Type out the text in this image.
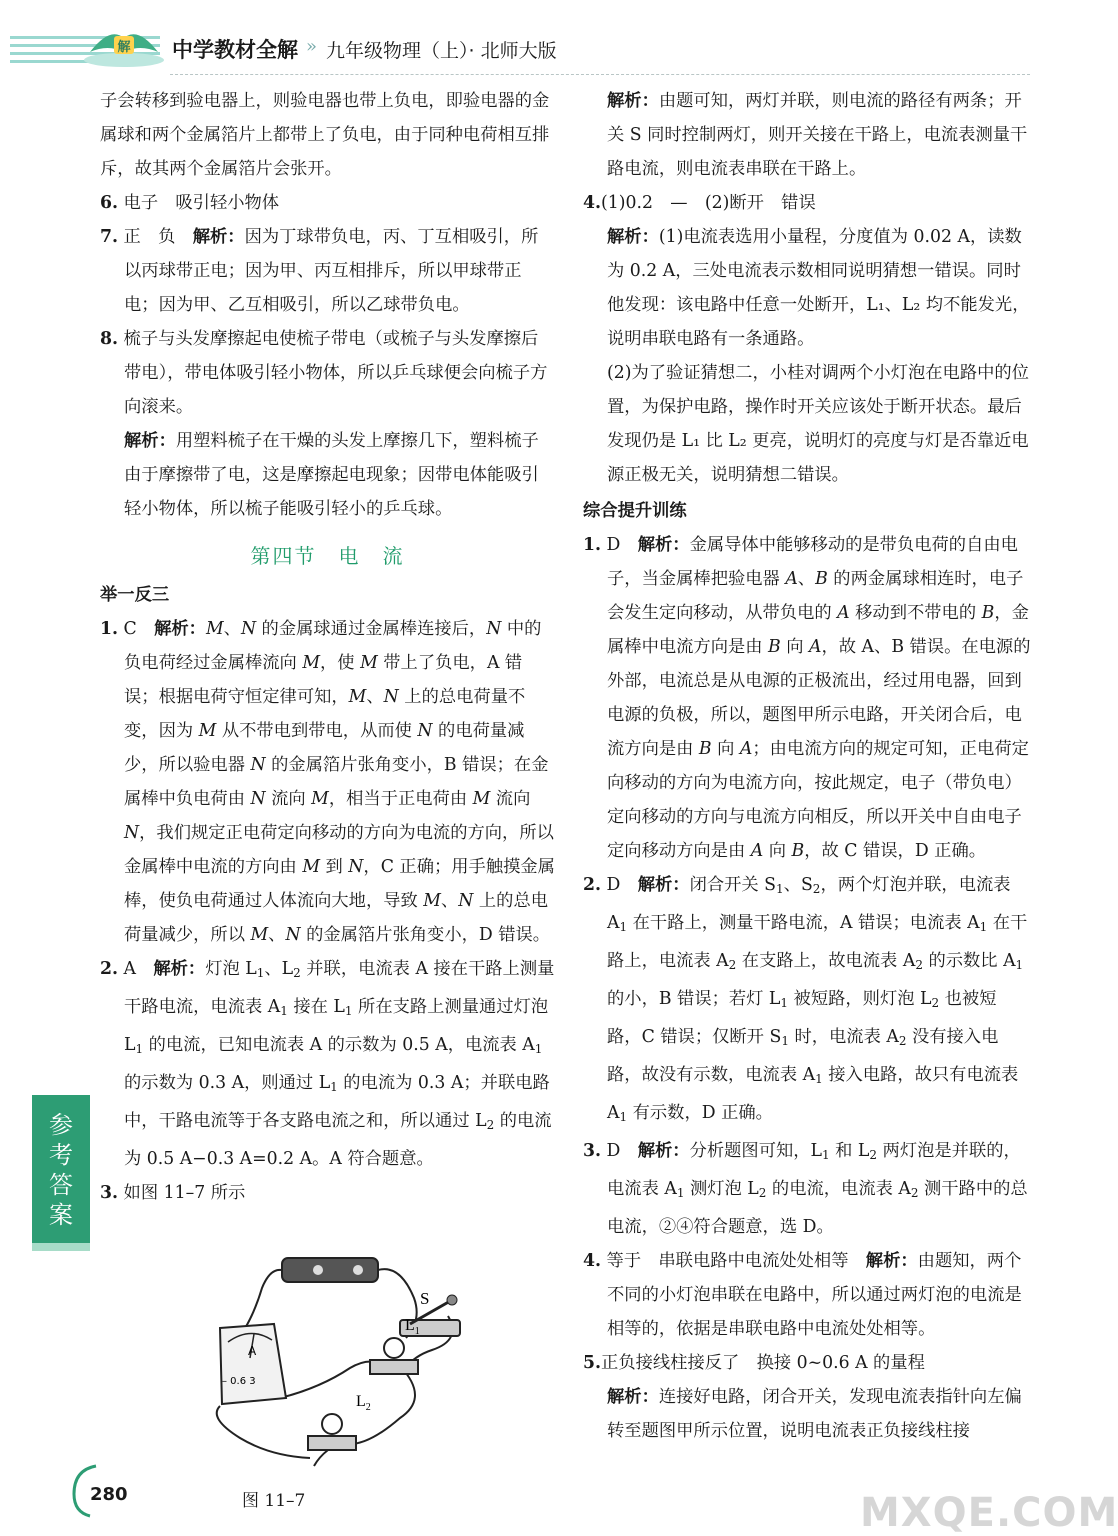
解 中学教材全解 » 九年级物理（上）· 北师大版

子会转移到验电器上，则验电器也带上负电，即验电器的金属球和两个金属箔片上都带上了负电，由于同种电荷相互排斥，故其两个金属箔片会张开。

6. 电子　吸引轻小物体

7. 正　负　 解析：因为丁球带负电，丙、丁互相吸引，所以丙球带正电；因为甲、丙互相排斥，所以甲球带正电；因为甲、乙互相吸引，所以乙球带负电。

8. 梳子与头发摩擦起电使梳子带电（或梳子与头发摩擦后带电），带电体吸引轻小物体，所以乒乓球便会向梳子方向滚来。

解析：用塑料梳子在干燥的头发上摩擦几下，塑料梳子由于摩擦带了电，这是摩擦起电现象；因带电体能吸引轻小物体，所以梳子能吸引轻小的乒乓球。

第四节　电　流

举一反三

1. C　 解析：M、N 的金属球通过金属棒连接后，N 中的负电荷经过金属棒流向 M，使 M 带上了负电，A 错误；根据电荷守恒定律可知，M、N 上的总电荷量不变，因为 M 从不带电到带电，从而使 N 的电荷量减少，所以验电器 N 的金属箔片张角变小，B 错误；在金属棒中负电荷由 N 流向 M，相当于正电荷由 M 流向 N，我们规定正电荷定向移动的方向为电流的方向，所以金属棒中电流的方向由 M 到 N，C 正确；用手触摸金属棒，使负电荷通过人体流向大地，导致 M、N 上的总电荷量减少，所以 M、N 的金属箔片张角变小，D 错误。

2. A　 解析：灯泡 $L_1$、$L_2$ 并联，电流表 A 接在干路上测量干路电流，电流表 $A_1$ 接在 $L_1$ 所在支路上测量通过灯泡 $L_1$ 的电流，已知电流表 A 的示数为 0.5 A，电流表 $A_1$ 的示数为 0.3 A，则通过 $L_1$ 的电流为 0.3 A；并联电路中，干路电流等于各支路电流之和，所以通过 $L_2$ 的电流为 0.5 A−0.3 A=0.2 A。A 符合题意。

3. 如图 11–7 所示

S
A
– 0.6 3
$L_1$
$L_2$
图 11–7

解析：由题可知，两灯并联，则电流的路径有两条；开关 S 同时控制两灯，则开关接在干路上，电流表测量干路电流，则电流表串联在干路上。

4.(1)0.2　—　(2)断开　错误

解析：(1)电流表选用小量程，分度值为 0.02 A，读数为 0.2 A，三处电流表示数相同说明猜想一错误。同时他发现：该电路中任意一处断开，L₁、L₂ 均不能发光，说明串联电路有一条通路。

(2)为了验证猜想二，小桂对调两个小灯泡在电路中的位置，为保护电路，操作时开关应该处于断开状态。最后发现仍是 L₁ 比 L₂ 更亮，说明灯的亮度与灯是否靠近电源正极无关，说明猜想二错误。

综合提升训练

1. D　 解析：金属导体中能够移动的是带负电荷的自由电子，当金属棒把验电器 A、B 的两金属球相连时，电子会发生定向移动，从带负电的 A 移动到不带电的 B，金属棒中电流方向是由 B 向 A，故 A、B 错误。在电源的外部，电流总是从电源的正极流出，经过用电器，回到电源的负极，所以，题图甲所示电路，开关闭合后，电流方向是由 B 向 A；由电流方向的规定可知，正电荷定向移动的方向为电流方向，按此规定，电子（带负电）定向移动的方向与电流方向相反，所以开关中自由电子定向移动方向是由 A 向 B，故 C 错误，D 正确。

2. D　 解析：闭合开关 $S_1$、$S_2$，两个灯泡并联，电流表 $A_1$ 在干路上，测量干路电流，A 错误；电流表 $A_1$ 在干路上，电流表 $A_2$ 在支路上，故电流表 $A_2$ 的示数比 $A_1$ 的小，B 错误；若灯 $L_1$ 被短路，则灯泡 $L_2$ 也被短路，C 错误；仅断开 $S_1$ 时，电流表 $A_2$ 没有接入电路，故没有示数，电流表 $A_1$ 接入电路，故只有电流表 $A_1$ 有示数，D 正确。

3. D　 解析：分析题图可知，$L_1$ 和 $L_2$ 两灯泡是并联的，电流表 $A_1$ 测灯泡 $L_2$ 的电流，电流表 $A_2$ 测干路中的总电流，②④符合题意，选 D。

4. 等于　串联电路中电流处处相等　 解析：由题知，两个不同的小灯泡串联在电路中，所以通过两灯泡的电流是相等的，依据是串联电路中电流处处相等。

5.正负接线柱接反了　换接 0~0.6 A 的量程

解析：连接好电路，闭合开关，发现电流表指针向左偏转至题图甲所示位置，说明电流表正负接线柱接

参考答案
280	MXQE.COM
